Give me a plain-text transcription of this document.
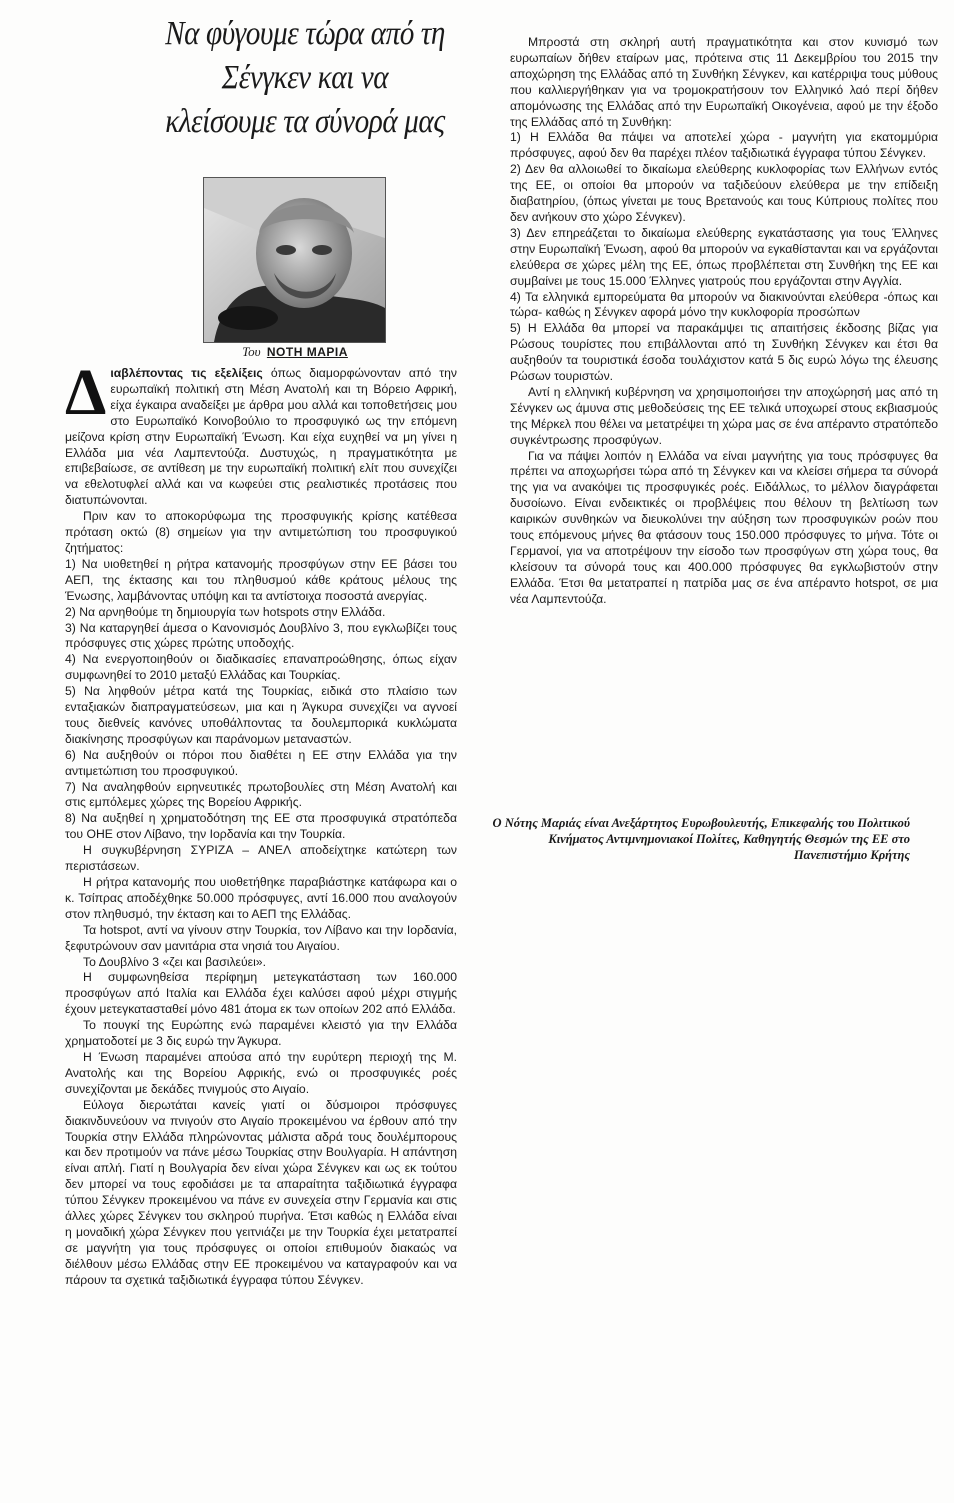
Να φύγουμε τώρα από τη Σένγκεν και να κλείσουμε τα σύνορά μας
Του ΝΟΤΗ ΜΑΡΙΑ

Διαβλέποντας τις εξελίξεις όπως διαμορφώνονταν από την ευρωπαϊκή πολιτική στη Μέση Ανατολή και τη Βόρειο Αφρική, είχα έγκαιρα αναδείξει με άρθρα μου αλλά και τοποθετήσεις μου στο Ευρωπαϊκό Κοινοβούλιο το προσφυγικό ως την επόμενη μείζονα κρίση στην Ευρωπαϊκή Ένωση. Και είχα ευχηθεί να μη γίνει η Ελλάδα μια νέα Λαμπεντούζα. Δυστυχώς, η πραγματικότητα με επιβεβαίωσε, σε αντίθεση με την ευρωπαϊκή πολιτική ελίτ που συνεχίζει να εθελοτυφλεί αλλά και να κωφεύει στις ρεαλιστικές προτάσεις που διατυπώνονται.

Πριν καν το αποκορύφωμα της προσφυγικής κρίσης κατέθεσα πρόταση οκτώ (8) σημείων για την αντιμετώπιση του προσφυγικού ζητήματος:

1) Να υιοθετηθεί η ρήτρα κατανομής προσφύγων στην ΕΕ βάσει του ΑΕΠ, της έκτασης και του πληθυσμού κάθε κράτους μέλους της Ένωσης, λαμβάνοντας υπόψη και τα αντίστοιχα ποσοστά ανεργίας.

2) Να αρνηθούμε τη δημιουργία των hotspots στην Ελλάδα.

3) Να καταργηθεί άμεσα ο Κανονισμός Δουβλίνο 3, που εγκλωβίζει τους πρόσφυγες στις χώρες πρώτης υποδοχής.

4) Να ενεργοποιηθούν οι διαδικασίες επαναπροώθησης, όπως είχαν συμφωνηθεί το 2010 μεταξύ Ελλάδας και Τουρκίας.

5) Να ληφθούν μέτρα κατά της Τουρκίας, ειδικά στο πλαίσιο των ενταξιακών διαπραγματεύσεων, μια και η Άγκυρα συνεχίζει να αγνοεί τους διεθνείς κανόνες υποθάλποντας τα δουλεμπορικά κυκλώματα διακίνησης προσφύγων και παράνομων μεταναστών.

6) Να αυξηθούν οι πόροι που διαθέτει η ΕΕ στην Ελλάδα για την αντιμετώπιση του προσφυγικού.

7) Να αναληφθούν ειρηνευτικές πρωτοβουλίες στη Μέση Ανατολή και στις εμπόλεμες χώρες της Βορείου Αφρικής.

8) Να αυξηθεί η χρηματοδότηση της ΕΕ στα προσφυγικά στρατόπεδα του ΟΗΕ στον Λίβανο, την Ιορδανία και την Τουρκία.

Η συγκυβέρνηση ΣΥΡΙΖΑ – ΑΝΕΛ αποδείχτηκε κατώτερη των περιστάσεων.

Η ρήτρα κατανομής που υιοθετήθηκε παραβιάστηκε κατάφωρα και ο κ. Τσίπρας αποδέχθηκε 50.000 πρόσφυγες, αντί 16.000 που αναλογούν στον πληθυσμό, την έκταση και το ΑΕΠ της Ελλάδας.

Τα hotspot, αντί να γίνουν στην Τουρκία, τον Λίβανο και την Ιορδανία, ξεφυτρώνουν σαν μανιτάρια στα νησιά του Αιγαίου.

Το Δουβλίνο 3 «ζει και βασιλεύει».

Η συμφωνηθείσα περίφημη μετεγκατάσταση των 160.000 προσφύγων από Ιταλία και Ελλάδα έχει καλύσει αφού μέχρι στιγμής έχουν μετεγκατασταθεί μόνο 481 άτομα εκ των οποίων 202 από Ελλάδα.

Το πουγκί της Ευρώπης ενώ παραμένει κλειστό για την Ελλάδα χρηματοδοτεί με 3 δις ευρώ την Άγκυρα.

Η Ένωση παραμένει απούσα από την ευρύτερη περιοχή της Μ. Ανατολής και της Βορείου Αφρικής, ενώ οι προσφυγικές ροές συνεχίζονται με δεκάδες πνιγμούς στο Αιγαίο.

Εύλογα διερωτάται κανείς γιατί οι δύσμοιροι πρόσφυγες διακινδυνεύουν να πνιγούν στο Αιγαίο προκειμένου να έρθουν από την Τουρκία στην Ελλάδα πληρώνοντας μάλιστα αδρά τους δουλέμπορους και δεν προτιμούν να πάνε μέσω Τουρκίας στην Βουλγαρία. Η απάντηση είναι απλή. Γιατί η Βουλγαρία δεν είναι χώρα Σένγκεν και ως εκ τούτου δεν μπορεί να τους εφοδιάσει με τα απαραίτητα ταξιδιωτικά έγγραφα τύπου Σένγκεν προκειμένου να πάνε εν συνεχεία στην Γερμανία και στις άλλες χώρες Σένγκεν του σκληρού πυρήνα. Έτσι καθώς η Ελλάδα είναι η μοναδική χώρα Σένγκεν που γειτνιάζει με την Τουρκία έχει μετατραπεί σε μαγνήτη για τους πρόσφυγες οι οποίοι επιθυμούν διακαώς να διέλθουν μέσω Ελλάδας στην ΕΕ προκειμένου να καταγραφούν και να πάρουν τα σχετικά ταξιδιωτικά έγγραφα τύπου Σένγκεν.

Μπροστά στη σκληρή αυτή πραγματικότητα και στον κυνισμό των ευρωπαίων δήθεν εταίρων μας, πρότεινα στις 11 Δεκεμβρίου του 2015 την αποχώρηση της Ελλάδας από τη Συνθήκη Σένγκεν, και κατέρριψα τους μύθους που καλλιεργήθηκαν για να τρομοκρατήσουν τον Ελληνικό λαό περί δήθεν απομόνωσης της Ελλάδας από την Ευρωπαϊκή Οικογένεια, αφού με την έξοδο της Ελλάδας από τη Συνθήκη:

1) Η Ελλάδα θα πάψει να αποτελεί χώρα - μαγνήτη για εκατομμύρια πρόσφυγες, αφού δεν θα παρέχει πλέον ταξιδιωτικά έγγραφα τύπου Σένγκεν.

2) Δεν θα αλλοιωθεί το δικαίωμα ελεύθερης κυκλοφορίας των Ελλήνων εντός της ΕΕ, οι οποίοι θα μπορούν να ταξιδεύουν ελεύθερα με την επίδειξη διαβατηρίου, (όπως γίνεται με τους Βρετανούς και τους Κύπριους πολίτες που δεν ανήκουν στο χώρο Σένγκεν).

3) Δεν επηρεάζεται το δικαίωμα ελεύθερης εγκατάστασης για τους Έλληνες στην Ευρωπαϊκή Ένωση, αφού θα μπορούν να εγκαθίστανται και να εργάζονται ελεύθερα σε χώρες μέλη της ΕΕ, όπως προβλέπεται στη Συνθήκη της ΕΕ και συμβαίνει με τους 15.000 Έλληνες γιατρούς που εργάζονται στην Αγγλία.

4) Τα ελληνικά εμπορεύματα θα μπορούν να διακινούνται ελεύθερα -όπως και τώρα- καθώς η Σένγκεν αφορά μόνο την κυκλοφορία προσώπων

5) Η Ελλάδα θα μπορεί να παρακάμψει τις απαιτήσεις έκδοσης βίζας για Ρώσους τουρίστες που επιβάλλονται από τη Συνθήκη Σένγκεν και έτσι θα αυξηθούν τα τουριστικά έσοδα τουλάχιστον κατά 5 δις ευρώ λόγω της έλευσης Ρώσων τουριστών.

Αντί η ελληνική κυβέρνηση να χρησιμοποιήσει την αποχώρησή μας από τη Σένγκεν ως άμυνα στις μεθοδεύσεις της ΕΕ τελικά υποχωρεί στους εκβιασμούς της Μέρκελ που θέλει να μετατρέψει τη χώρα μας σε ένα απέραντο στρατόπεδο συγκέντρωσης προσφύγων.

Για να πάψει λοιπόν η Ελλάδα να είναι μαγνήτης για τους πρόσφυγες θα πρέπει να αποχωρήσει τώρα από τη Σένγκεν και να κλείσει σήμερα τα σύνορά της για να ανακόψει τις προσφυγικές ροές. Ειδάλλως, το μέλλον διαγράφεται δυσοίωνο. Είναι ενδεικτικές οι προβλέψεις που θέλουν τη βελτίωση των καιρικών συνθηκών να διευκολύνει την αύξηση των προσφυγικών ροών που τους επόμενους μήνες θα φτάσουν τους 150.000 πρόσφυγες το μήνα. Τότε οι Γερμανοί, για να αποτρέψουν την είσοδο των προσφύγων στη χώρα τους, θα κλείσουν τα σύνορά τους και 400.000 πρόσφυγες θα εγκλωβιστούν στην Ελλάδα. Έτσι θα μετατραπεί η πατρίδα μας σε ένα απέραντο hotspot, σε μια νέα Λαμπεντούζα.

Ο Νότης Μαριάς είναι Ανεξάρτητος Ευρωβουλευτής, Επικεφαλής του Πολιτικού Κινήματος Αντιμνημονιακοί Πολίτες, Καθηγητής Θεσμών της ΕΕ στο Πανεπιστήμιο Κρήτης
